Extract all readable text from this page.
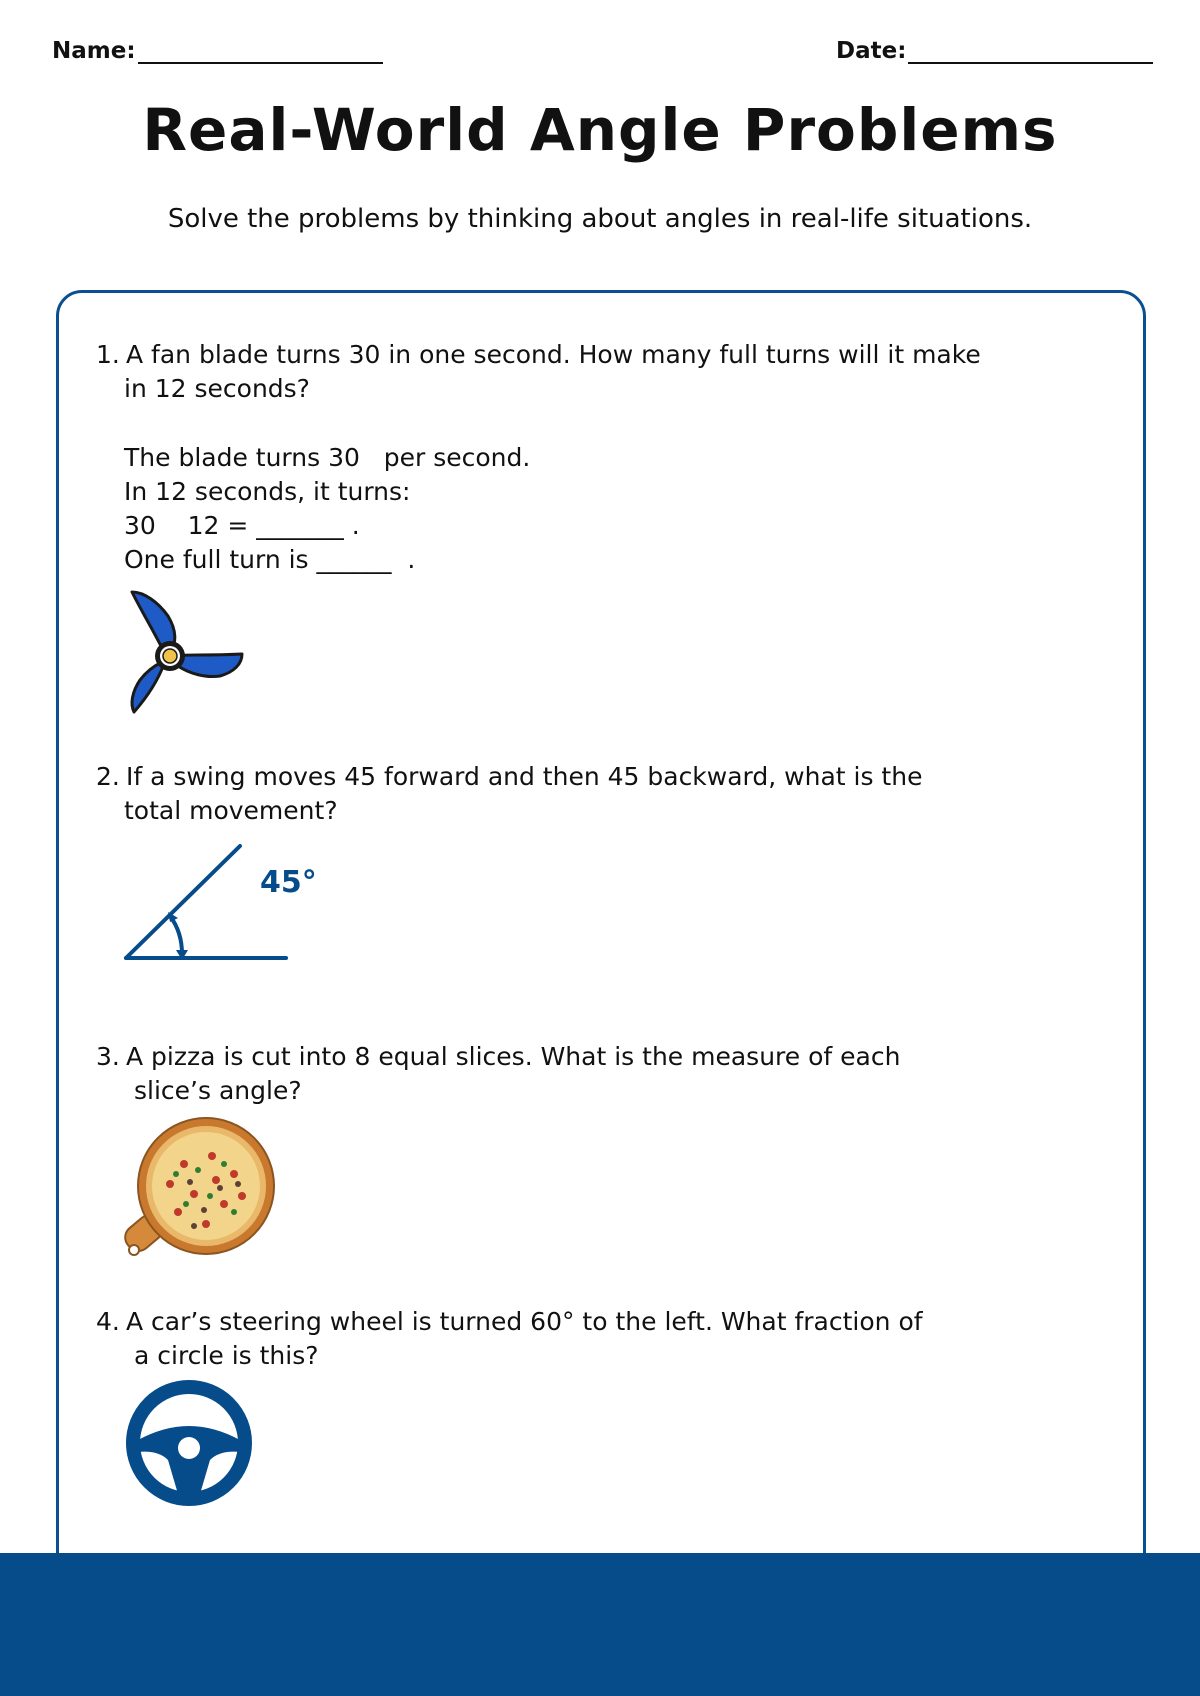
Name:	Date:
Real-World Angle Problems
Solve the problems by thinking about angles in real-life situations.
1. A fan blade turns 30 in one second. How many full turns will it make
in 12 seconds?
The blade turns 30   per second.
In 12 seconds, it turns:
30    12 = _______ .
One full turn is ______  .
2. If a swing moves 45 forward and then 45 backward, what is the
total movement?
45°
3. A pizza is cut into 8 equal slices. What is the measure of each
slice’s angle?
4. A car’s steering wheel is turned 60° to the left. What fraction of
a circle is this?
